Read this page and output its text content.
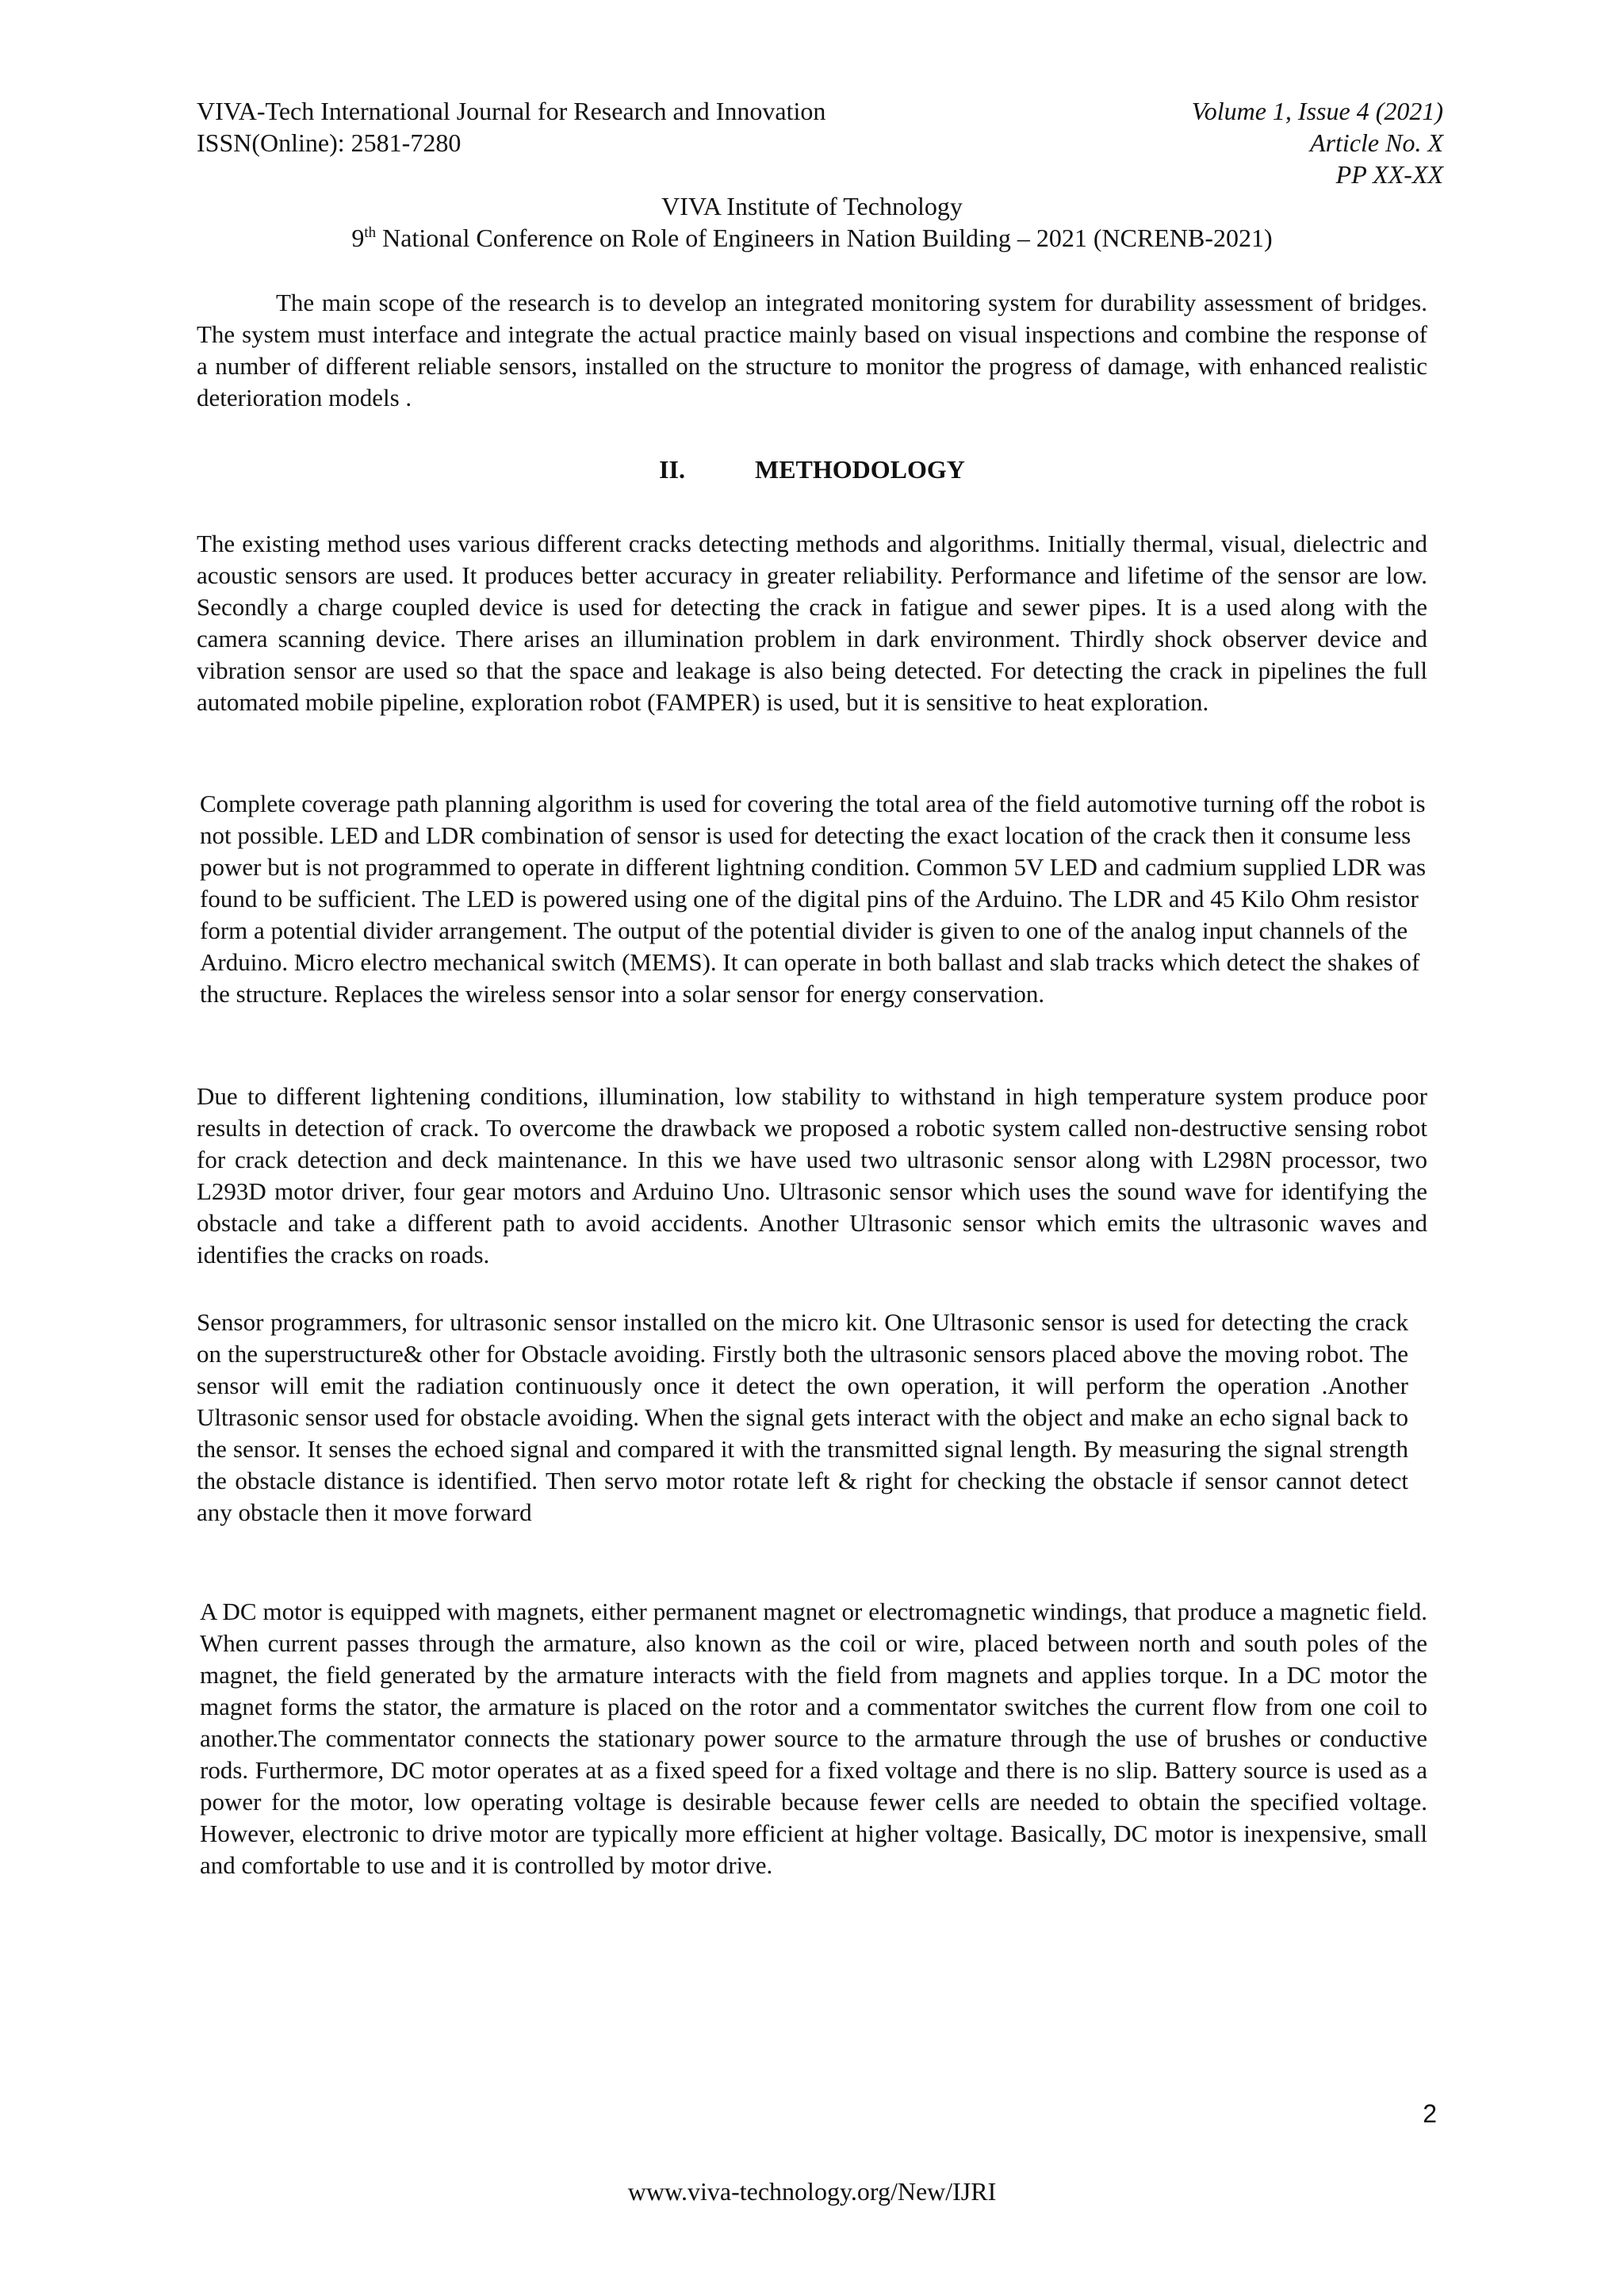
VIVA-Tech International Journal for Research and Innovation
ISSN(Online): 2581-7280
Volume 1, Issue 4 (2021)
Article No. X
PP XX-XX
VIVA Institute of Technology
9th National Conference on Role of Engineers in Nation Building – 2021 (NCRENB-2021)

The main scope of the research is to develop an integrated monitoring system for durability assessment of bridges. The system must interface and integrate the actual practice mainly based on visual inspections and combine the response of a number of different reliable sensors, installed on the structure to monitor the progress of damage, with enhanced realistic deterioration models .

II.	METHODOLOGY

The existing method uses various different cracks detecting methods and algorithms. Initially thermal, visual, dielectric and acoustic sensors are used. It produces better accuracy in greater reliability. Performance and lifetime of the sensor are low. Secondly a charge coupled device is used for detecting the crack in fatigue and sewer pipes. It is a used along with the camera scanning device. There arises an illumination problem in dark environment. Thirdly shock observer device and vibration sensor are used so that the space and leakage is also being detected. For detecting the crack in pipelines the full automated mobile pipeline, exploration robot (FAMPER) is used, but it is sensitive to heat exploration.

Complete coverage path planning algorithm is used for covering the total area of the field automotive turning off the robot is not possible. LED and LDR combination of sensor is used for detecting the exact location of the crack then it consume less power but is not programmed to operate in different lightning condition. Common 5V LED and cadmium supplied LDR was found to be sufficient. The LED is powered using one of the digital pins of the Arduino. The LDR and 45 Kilo Ohm resistor form a potential divider arrangement. The output of the potential divider is given to one of the analog input channels of the Arduino. Micro electro mechanical switch (MEMS). It can operate in both ballast and slab tracks which detect the shakes of the structure. Replaces the wireless sensor into a solar sensor for energy conservation.

Due to different lightening conditions, illumination, low stability to withstand in high temperature system produce poor results in detection of crack. To overcome the drawback we proposed a robotic system called non-destructive sensing robot for crack detection and deck maintenance. In this we have used two ultrasonic sensor along with L298N processor, two L293D motor driver, four gear motors and Arduino Uno. Ultrasonic sensor which uses the sound wave for identifying the obstacle and take a different path to avoid accidents. Another Ultrasonic sensor which emits the ultrasonic waves and identifies the cracks on roads.

Sensor programmers, for ultrasonic sensor installed on the micro kit. One Ultrasonic sensor is used for detecting the crack on the superstructure& other for Obstacle avoiding. Firstly both the ultrasonic sensors placed above the moving robot. The sensor will emit the radiation continuously once it detect the own operation, it will perform the operation .Another Ultrasonic sensor used for obstacle avoiding. When the signal gets interact with the object and make an echo signal back to the sensor. It senses the echoed signal and compared it with the transmitted signal length. By measuring the signal strength the obstacle distance is identified. Then servo motor rotate left & right for checking the obstacle if sensor cannot detect any obstacle then it move forward

A DC motor is equipped with magnets, either permanent magnet or electromagnetic windings, that produce a magnetic field. When current passes through the armature, also known as the coil or wire, placed between north and south poles of the magnet, the field generated by the armature interacts with the field from magnets and applies torque. In a DC motor the magnet forms the stator, the armature is placed on the rotor and a commentator switches the current flow from one coil to another.The commentator connects the stationary power source to the armature through the use of brushes or conductive rods. Furthermore, DC motor operates at as a fixed speed for a fixed voltage and there is no slip. Battery source is used as a power for the motor, low operating voltage is desirable because fewer cells are needed to obtain the specified voltage. However, electronic to drive motor are typically more efficient at higher voltage. Basically, DC motor is inexpensive, small and comfortable to use and it is controlled by motor drive.

2
www.viva-technology.org/New/IJRI
